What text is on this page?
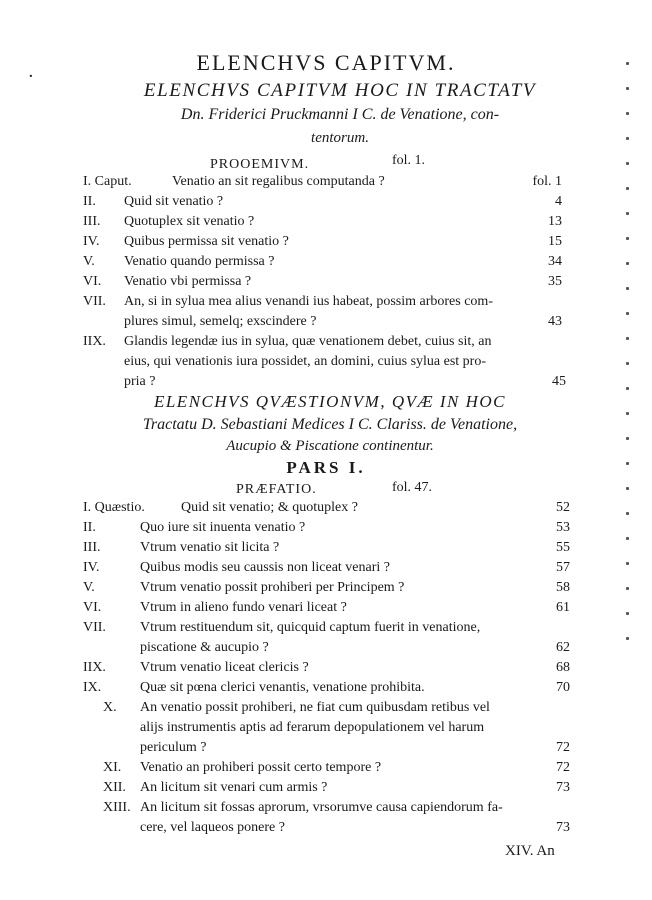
·
ELENCHVS CAPITVM.
ELENCHVS CAPITVM HOC IN TRACTATV
Dn. Friderici Pruckmanni I C. de Venatione, con-
tentorum.
PROOEMIVM.	fol. 1.
I. Caput.	Venatio an sit regalibus computanda ?	fol. 1
II. Quid sit venatio ?	4
III. Quotuplex sit venatio ?	13
IV. Quibus permissa sit venatio ?	15
V. Venatio quando permissa ?	34
VI. Venatio vbi permissa ?	35
VII. An, si in sylua mea alius venandi ius habeat, possim arbores com-
plures simul, semelq; exscindere ?	43
IIX. Glandis legendæ ius in sylua, quæ venationem debet, cuius sit, an
eius, qui venationis iura possidet, an domini, cuius sylua est pro-
pria ?	45
ELENCHVS QVÆSTIONVM, QVÆ IN HOC
Tractatu D. Sebastiani Medices I C. Clariss. de Venatione,
Aucupio & Piscatione continentur.
PARS I.
PRÆFATIO.	fol. 47.
I. Quæstio.	Quid sit venatio; & quotuplex ?	52
II.	Quo iure sit inuenta venatio ?	53
III.	Vtrum venatio sit licita ?	55
IV.	Quibus modis seu caussis non liceat venari ?	57
V.	Vtrum venatio possit prohiberi per Principem ?	58
VI.	Vtrum in alieno fundo venari liceat ?	61
VII. Vtrum restituendum sit, quicquid captum fuerit in venatione,
piscatione & aucupio ?	62
IIX. Vtrum venatio liceat clericis ?	68
IX.	Quæ sit pœna clerici venantis, venatione prohibita.	70
X. An venatio possit prohiberi, ne fiat cum quibusdam retibus vel
alijs instrumentis aptis ad ferarum depopulationem vel harum
periculum ?	72
XI. Venatio an prohiberi possit certo tempore ?	72
XII. An licitum sit venari cum armis ?	73
XIII. An licitum sit fossas aprorum, vrsorumve causa capiendorum fa-
cere, vel laqueos ponere ?	73
XIV. An
